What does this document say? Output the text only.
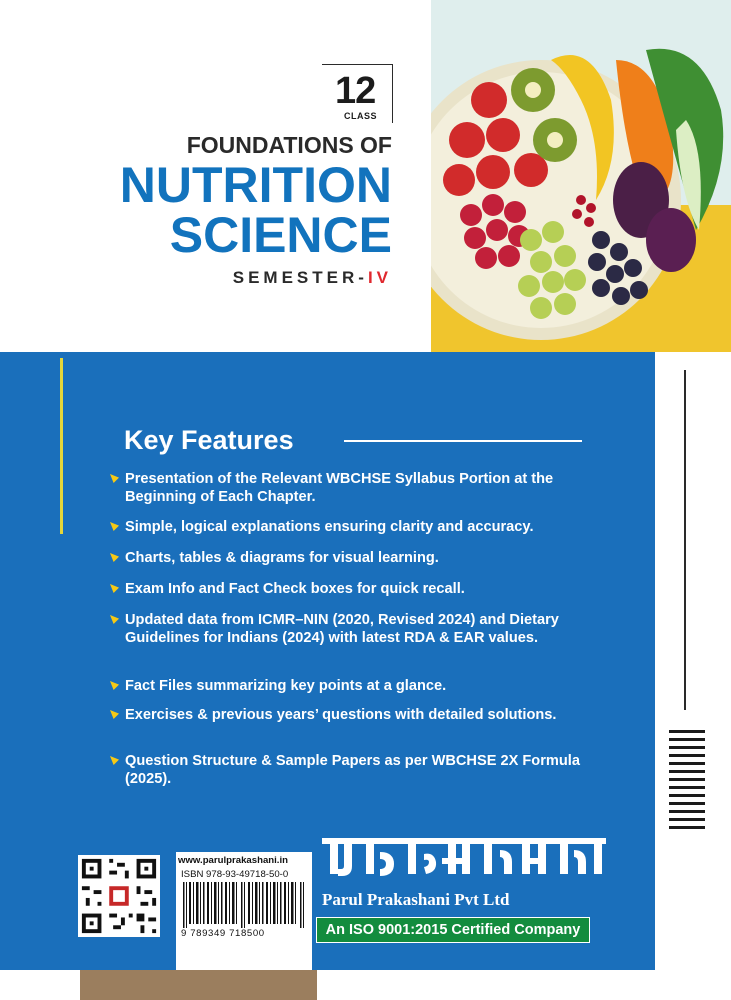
12
CLASS
FOUNDATIONS OF
NUTRITION
SCIENCE
SEMESTER-IV
Key Features
Presentation of the Relevant WBCHSE Syllabus Portion at the Beginning of Each Chapter.
Simple, logical explanations ensuring clarity and accuracy.
Charts, tables & diagrams for visual learning.
Exam Info and Fact Check boxes for quick recall.
Updated data from ICMR–NIN (2020, Revised 2024) and Dietary Guidelines for Indians (2024) with latest RDA & EAR values.
Fact Files summarizing key points at a glance.
Exercises & previous years’ questions with detailed solutions.
Question Structure & Sample Papers as per WBCHSE 2X Formula (2025).
www.parulprakashani.in
ISBN 978-93-49718-50-0
9 789349 718500
Parul Prakashani Pvt Ltd
An ISO 9001:2015 Certified Company
